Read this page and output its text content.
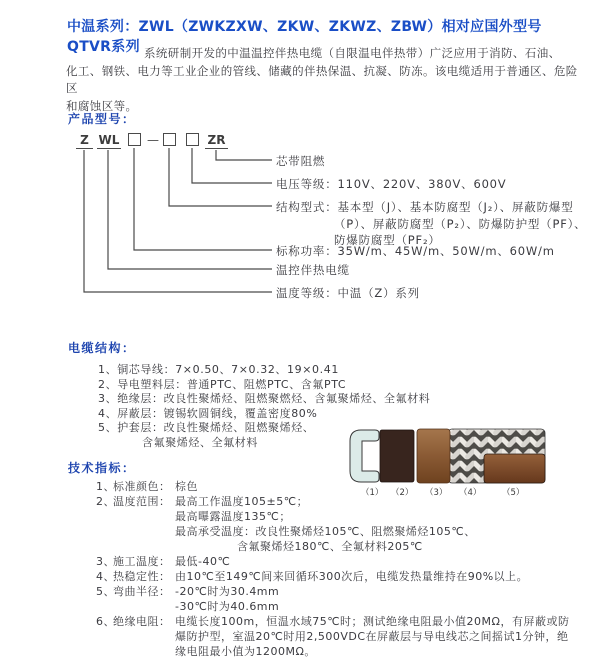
中温系列：ZWL（ZWKZXW、ZKW、ZKWZ、ZBW）相对应国外型号QTVR系列 系统研制开发的中温温控伴热电缆（自限温电伴热带）广泛应用于消防、石油、
化工、钢铁、电力等工业企业的管线、储藏的伴热保温、抗凝、防冻。该电缆适用于普通区、危险区
和腐蚀区等。
产品型号：
Z WL —	ZR
芯带阻燃
电压等级：110V、220V、380V、600V
结构型式：基本型（J）、基本防腐型（J₂）、屏蔽防爆型
（P）、屏蔽防腐型（P₂）、防爆防护型（PF）、
防爆防腐型（PF₂）
标称功率：35W/m、45W/m、50W/m、60W/m
温控伴热电缆
温度等级：中温（Z）系列
电缆结构：
1、铜芯导线：7×0.50、7×0.32、19×0.41
2、导电塑料层：普通PTC、阻燃PTC、含氟PTC
3、绝缘层：改良性聚烯烃、阻燃聚燃烃、含氟聚烯烃、全氟材料
4、屏蔽层：镀锡软圆铜线，覆盖密度80%
5、护套层：改良性聚烯烃、阻燃聚烯烃、
含氟聚烯烃、全氟材料
（1） （2） （3） （4） （5）
技术指标：
1、
标准颜色： 棕色
2、
温度范围： 最高工作温度105±5℃；
最高曝露温度135℃；
最高承受温度：改良性聚烯烃105℃、阻燃聚烯烃105℃、
含氟聚烯烃180℃、全氟材料205℃
3、
施工温度： 最低-40℃
4、
热稳定性： 由10℃至149℃间来回循环300次后，电缆发热量维持在90%以上。
5、
弯曲半径： -20℃时为30.4mm
-30℃时为40.6mm
6、
绝缘电阻： 电缆长度100m，恒温水域75℃时；测试绝缘电阻最小值20MΩ，有屏蔽或防
爆防护型，室温20℃时用2,500VDC在屏蔽层与导电线芯之间摇试1分钟，绝
缘电阻最小值为1200MΩ。
